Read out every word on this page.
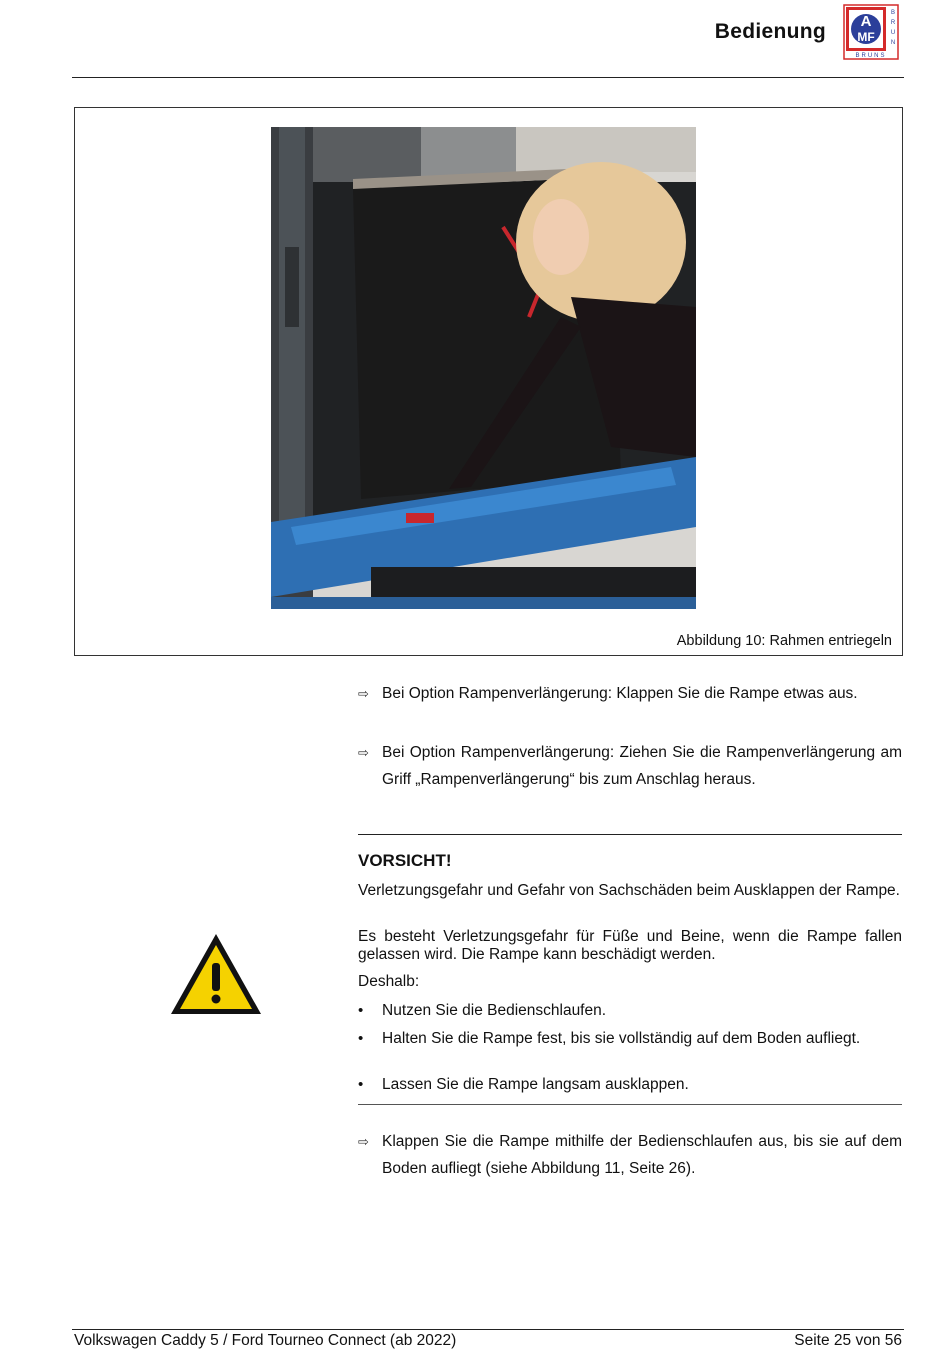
Bedienung A
MF
B
R
U
N
BRUNS
Abbildung 10: Rahmen entriegeln
⇨ Bei Option Rampenverlängerung: Klappen Sie die Rampe etwas aus.
⇨ Bei Option Rampenverlängerung: Ziehen Sie die Rampenverlängerung am Griff „Rampenverlängerung“ bis zum Anschlag heraus.
VORSICHT!
Verletzungsgefahr und Gefahr von Sachschäden beim Ausklappen der Rampe.
Es besteht Verletzungsgefahr für Füße und Beine, wenn die Rampe fallen gelassen wird. Die Rampe kann beschädigt werden.
Deshalb:
•	Nutzen Sie die Bedienschlaufen.
•	Halten Sie die Rampe fest, bis sie vollständig auf dem Boden aufliegt.
•	Lassen Sie die Rampe langsam ausklappen.
⇨ Klappen Sie die Rampe mithilfe der Bedienschlaufen aus, bis sie auf dem Boden aufliegt (siehe Abbildung 11, Seite 26).
Volkswagen Caddy 5 / Ford Tourneo Connect (ab 2022)	Seite 25 von 56
